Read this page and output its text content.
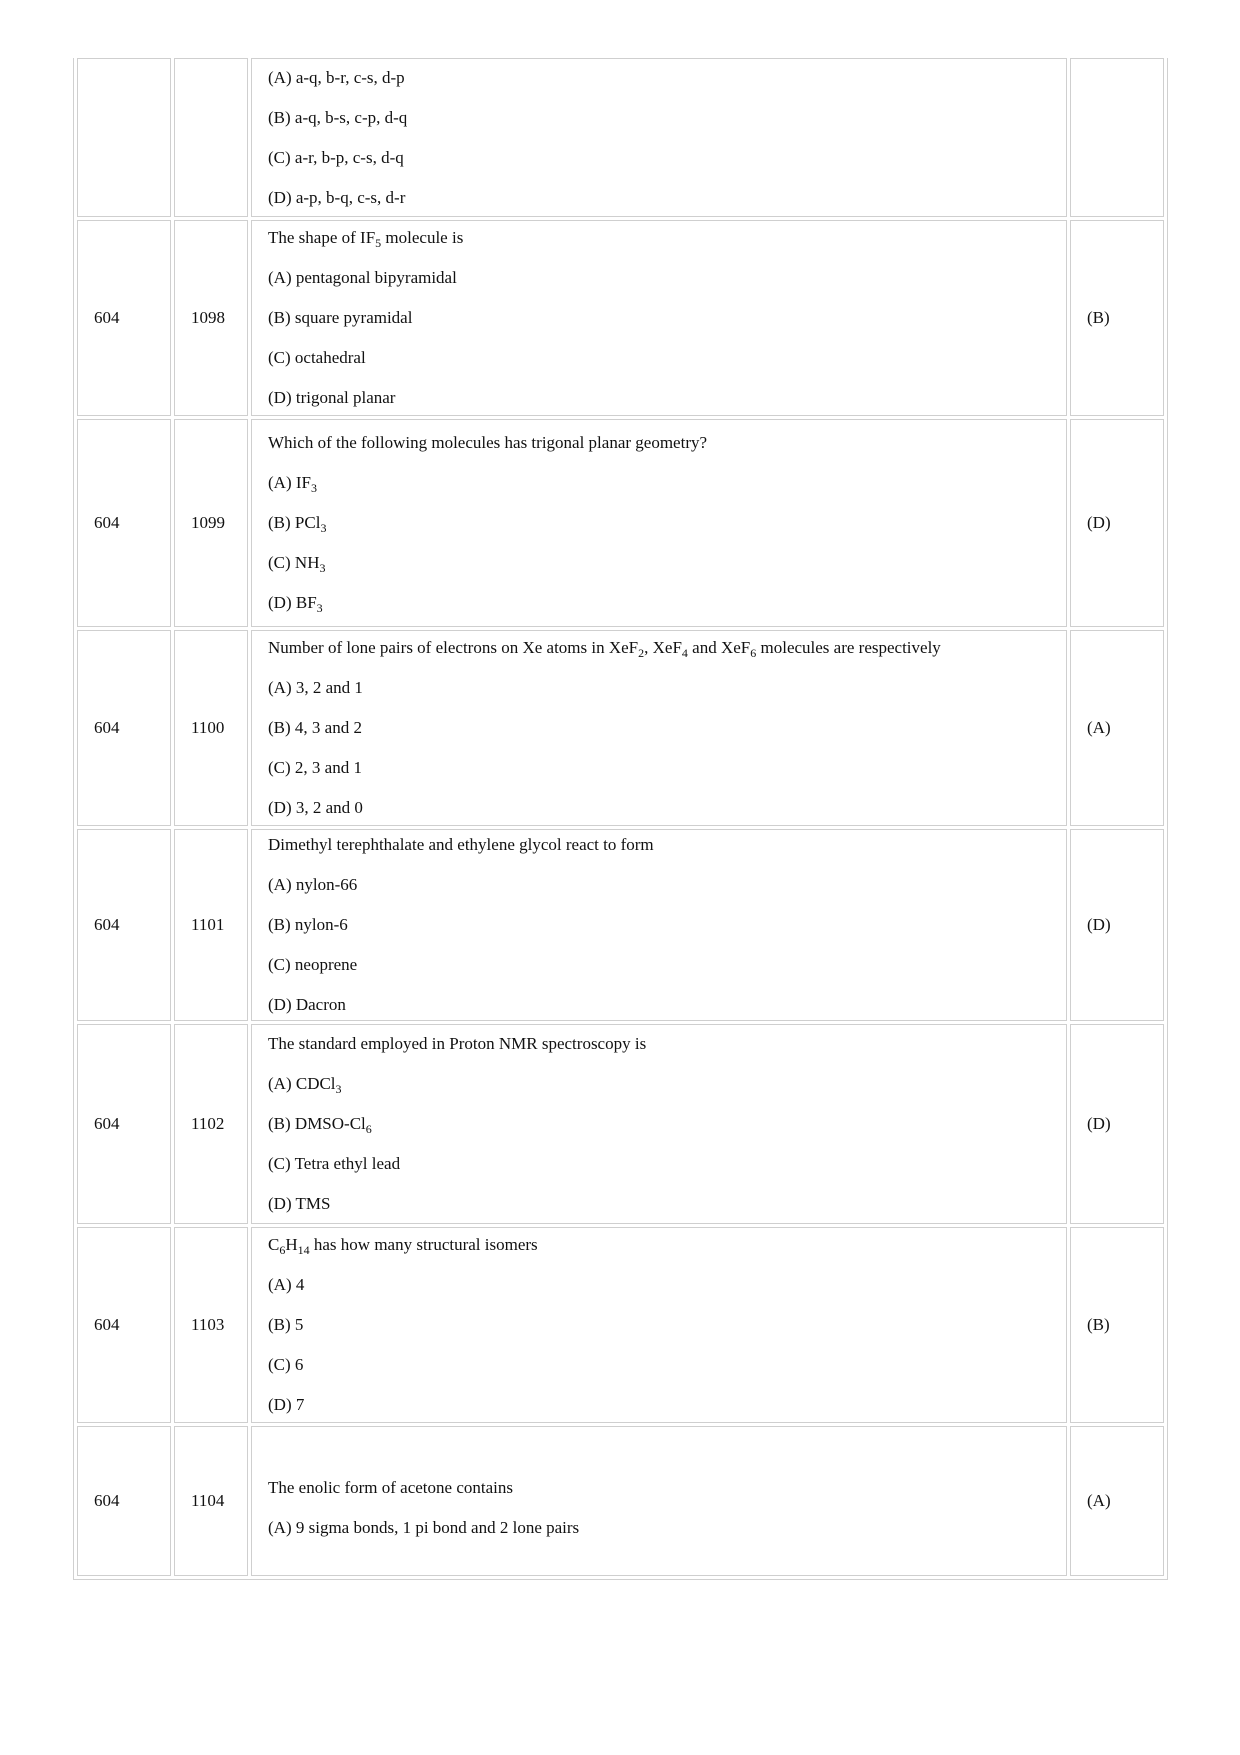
		(A) a-q, b-r, c-s, d-p
(B) a-q, b-s, c-p, d-q
(C) a-r, b-p, c-s, d-q
(D) a-p, b-q, c-s, d-r	

604	1098	The shape of $IF_5$ molecule is
(A) pentagonal bipyramidal
(B) square pyramidal
(C) octahedral
(D) trigonal planar	(B)
604	1099	Which of the following molecules has trigonal planar geometry?
(A) $IF_3$
(B) PCl$_3$
(C) $NH_3$
(D) $BF_3$	(D)
604	1100	Number of lone pairs of electrons on Xe atoms in XeF$_2$, XeF$_4$ and XeF$_6$ molecules are respectively
(A) 3, 2 and 1
(B) 4, 3 and 2
(C) 2, 3 and 1
(D) 3, 2 and 0	(A)
604	1101	Dimethyl terephthalate and ethylene glycol react to form
(A) nylon-66
(B) nylon-6
(C) neoprene
(D) Dacron	(D)
604	1102	The standard employed in Proton NMR spectroscopy is
(A) CDCl$_3$
(B) DMSO-$Cl_6$
(C) Tetra ethyl lead
(D) TMS	(D)
604	1103	$C_6H_{14}$ has how many structural isomers
(A) 4
(B) 5
(C) 6
(D) 7	(B)
604	1104	The enolic form of acetone contains
(A) 9 sigma bonds, 1 pi bond and 2 lone pairs	(A)
